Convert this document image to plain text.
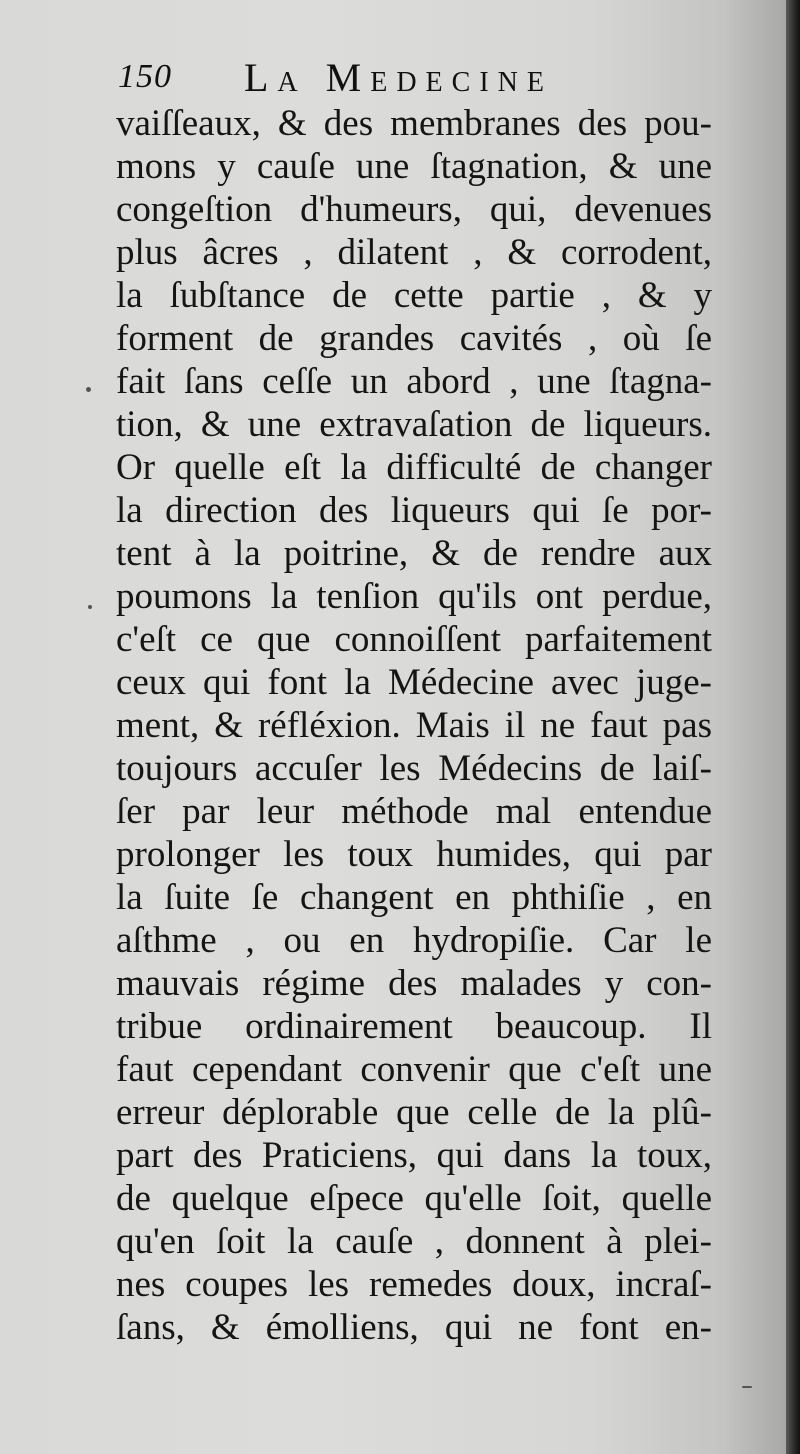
150 La Medecine
vaiſſeaux, & des membranes des pou-
mons y cauſe une ſtagnation, & une
congeſtion d'humeurs, qui, devenues
plus âcres , dilatent , & corrodent,
la ſubſtance de cette partie , & y
forment de grandes cavités , où ſe
fait ſans ceſſe un abord , une ſtagna-
tion, & une extravaſation de liqueurs.
Or quelle eſt la difficulté de changer
la direction des liqueurs qui ſe por-
tent à la poitrine, & de rendre aux
poumons la tenſion qu'ils ont perdue,
c'eſt ce que connoiſſent parfaitement
ceux qui font la Médecine avec juge-
ment, & réfléxion. Mais il ne faut pas
toujours accuſer les Médecins de laiſ-
ſer par leur méthode mal entendue
prolonger les toux humides, qui par
la ſuite ſe changent en phthiſie , en
aſthme , ou en hydropiſie. Car le
mauvais régime des malades y con-
tribue ordinairement beaucoup. Il
faut cependant convenir que c'eſt une
erreur déplorable que celle de la plû-
part des Praticiens, qui dans la toux,
de quelque eſpece qu'elle ſoit, quelle
qu'en ſoit la cauſe , donnent à plei-
nes coupes les remedes doux, incraſ-
ſans, & émolliens, qui ne font en-
